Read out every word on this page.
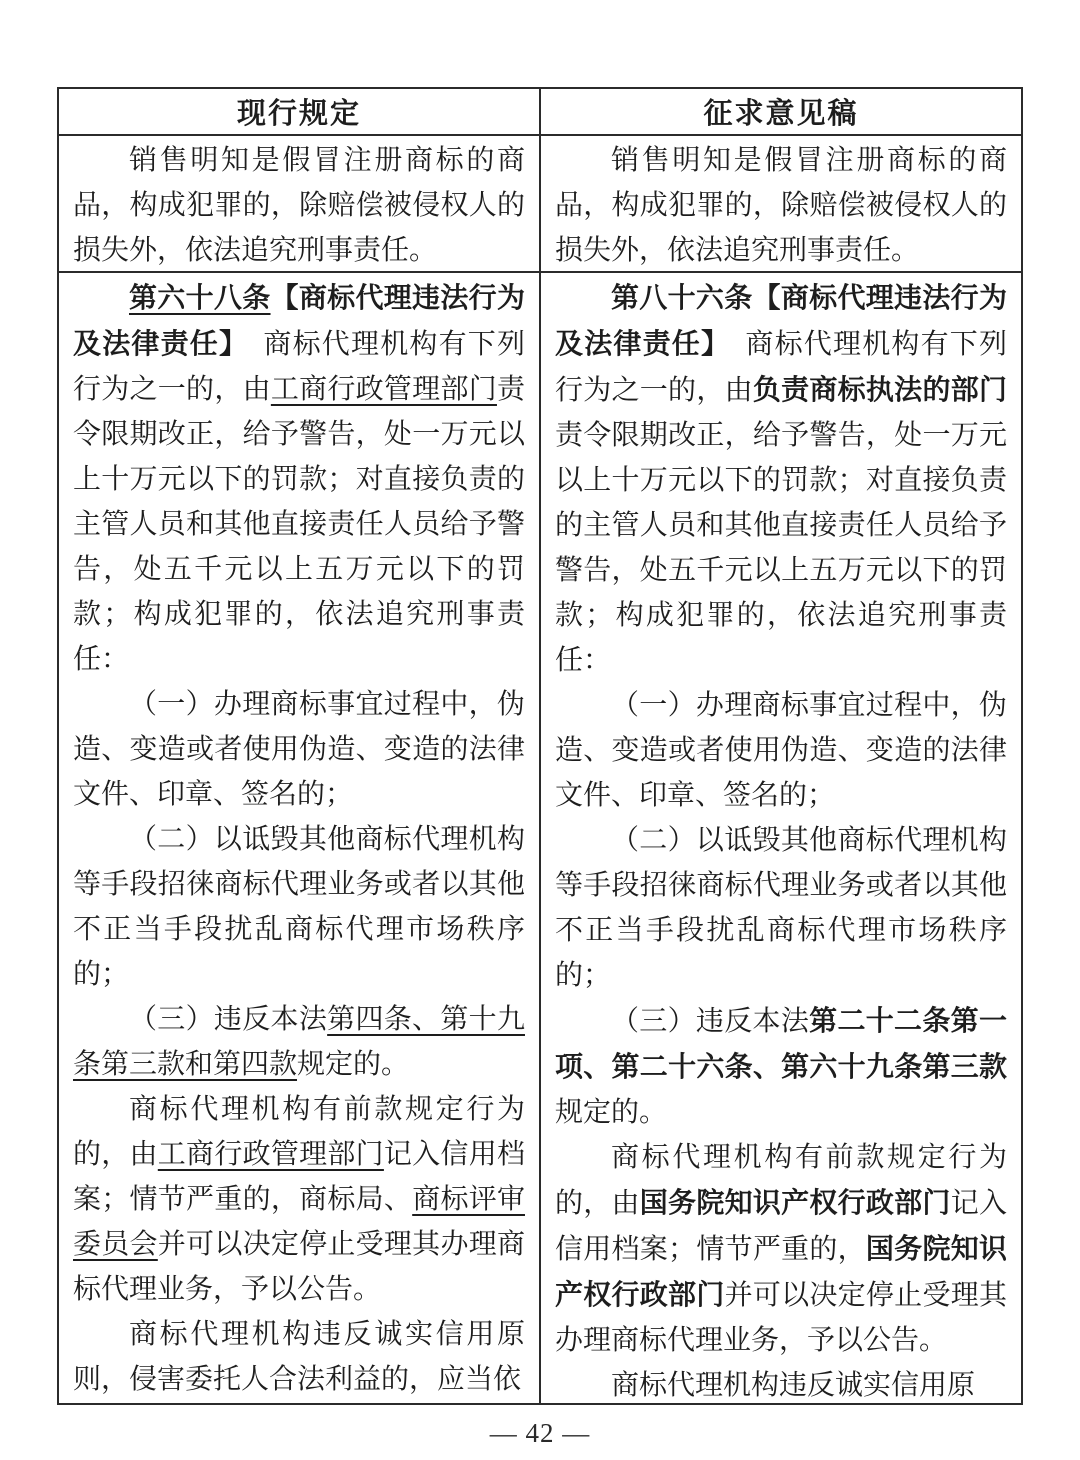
现行规定	征求意见稿

销售明知是假冒注册商标的商品，构成犯罪的，除赔偿被侵权人的损失外，依法追究刑事责任。

销售明知是假冒注册商标的商品，构成犯罪的，除赔偿被侵权人的损失外，依法追究刑事责任。

第六十八条【商标代理违法行为及法律责任】　商标代理机构有下列行为之一的，由工商行政管理部门责令限期改正，给予警告，处一万元以上十万元以下的罚款；对直接负责的主管人员和其他直接责任人员给予警告，处五千元以上五万元以下的罚款；构成犯罪的，依法追究刑事责任：

（一）办理商标事宜过程中，伪造、变造或者使用伪造、变造的法律文件、印章、签名的；

（二）以诋毁其他商标代理机构等手段招徕商标代理业务或者以其他不正当手段扰乱商标代理市场秩序的；

（三）违反本法第四条、第十九条第三款和第四款规定的。

商标代理机构有前款规定行为的，由工商行政管理部门记入信用档案；情节严重的，商标局、商标评审委员会并可以决定停止受理其办理商标代理业务，予以公告。

商标代理机构违反诚实信用原则，侵害委托人合法利益的，应当依

第八十六条【商标代理违法行为及法律责任】　商标代理机构有下列行为之一的，由负责商标执法的部门责令限期改正，给予警告，处一万元以上十万元以下的罚款；对直接负责的主管人员和其他直接责任人员给予警告，处五千元以上五万元以下的罚款；构成犯罪的，依法追究刑事责任：

（一）办理商标事宜过程中，伪造、变造或者使用伪造、变造的法律文件、印章、签名的；

（二）以诋毁其他商标代理机构等手段招徕商标代理业务或者以其他不正当手段扰乱商标代理市场秩序的；

（三）违反本法第二十二条第一项、第二十六条、第六十九条第三款规定的。

商标代理机构有前款规定行为的，由国务院知识产权行政部门记入信用档案；情节严重的，国务院知识产权行政部门并可以决定停止受理其办理商标代理业务，予以公告。

商标代理机构违反诚实信用原

— 42 —
